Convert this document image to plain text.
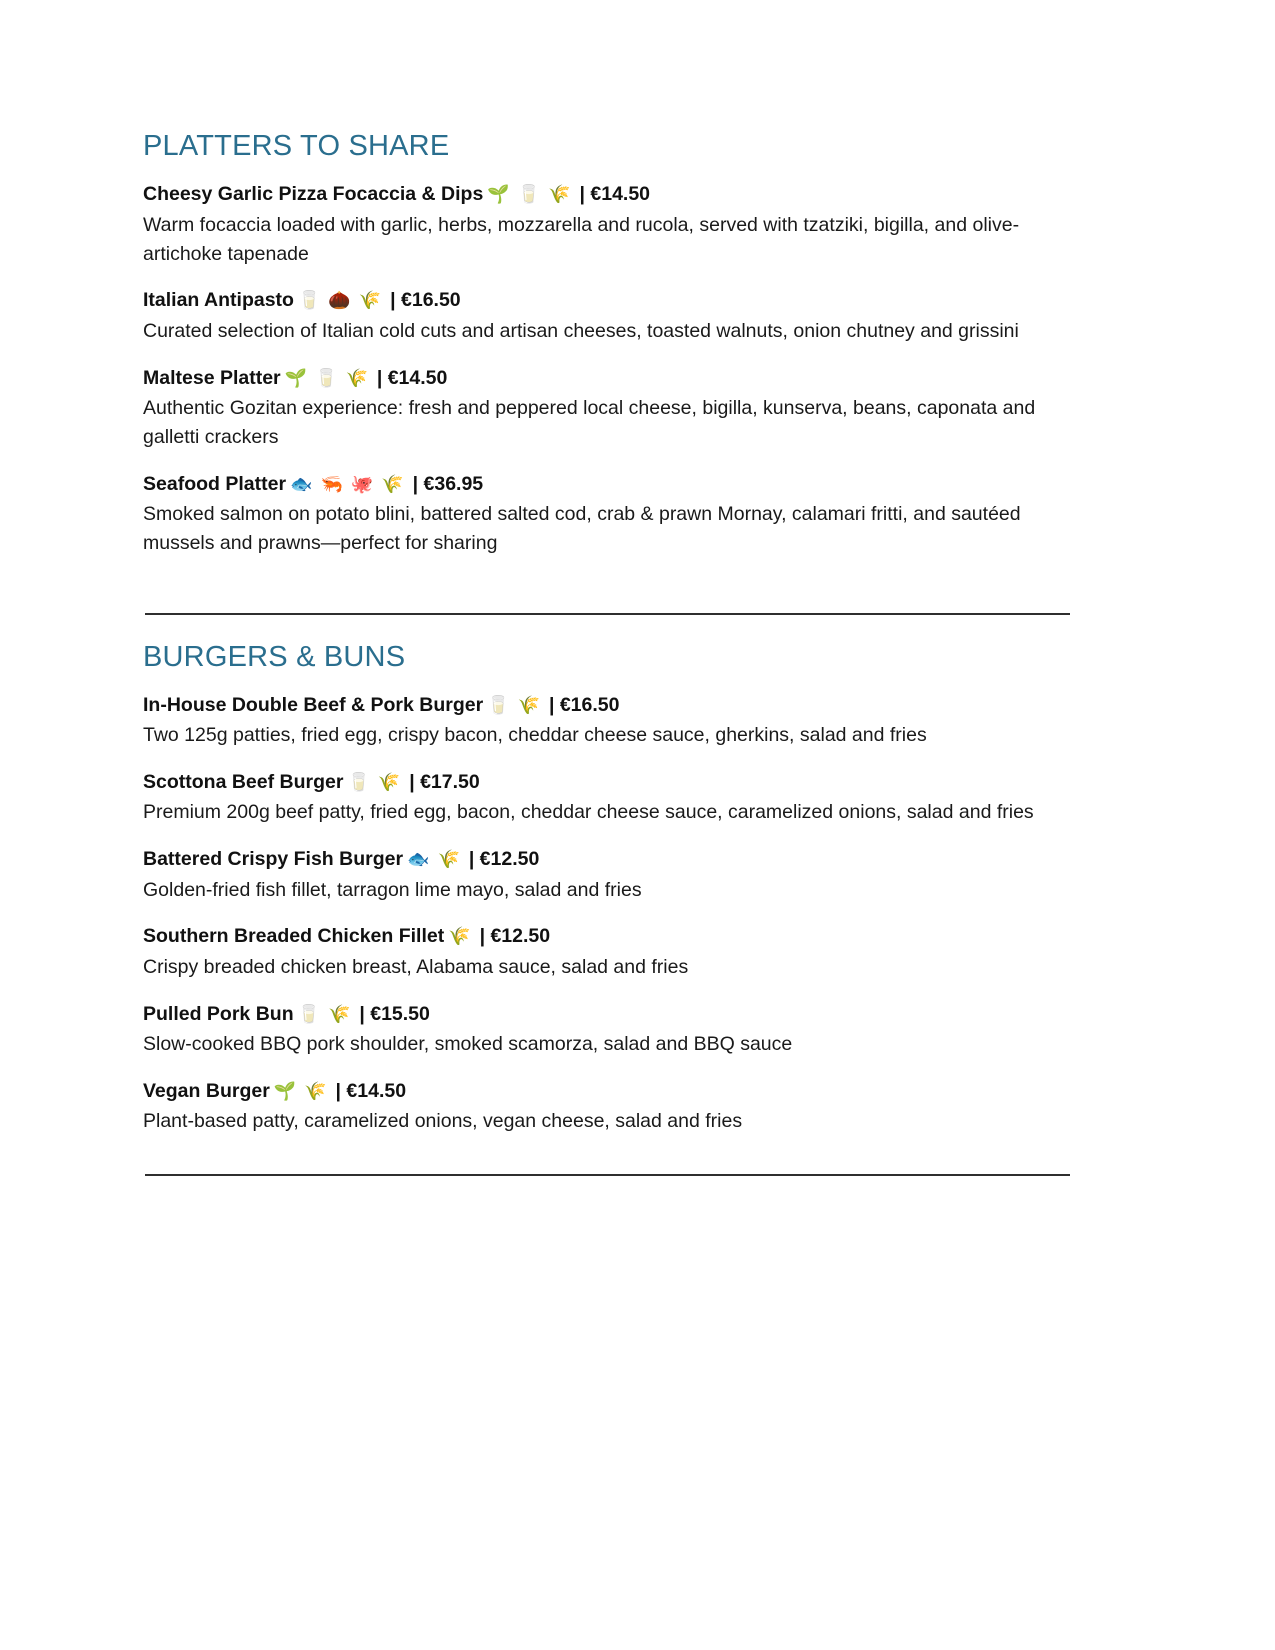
PLATTERS TO SHARE

Cheesy Garlic Pizza Focaccia & Dips 🌱 🥛 🌾 | €14.50

Warm focaccia loaded with garlic, herbs, mozzarella and rucola, served with tzatziki, bigilla, and olive-artichoke tapenade

Italian Antipasto 🥛 🌰 🌾 | €16.50

Curated selection of Italian cold cuts and artisan cheeses, toasted walnuts, onion chutney and grissini

Maltese Platter 🌱 🥛 🌾 | €14.50

Authentic Gozitan experience: fresh and peppered local cheese, bigilla, kunserva, beans, caponata and galletti crackers

Seafood Platter 🐟 🦐 🐙 🌾 | €36.95

Smoked salmon on potato blini, battered salted cod, crab & prawn Mornay, calamari fritti, and sautéed mussels and prawns—perfect for sharing

BURGERS & BUNS

In-House Double Beef & Pork Burger 🥛 🌾 | €16.50

Two 125g patties, fried egg, crispy bacon, cheddar cheese sauce, gherkins, salad and fries

Scottona Beef Burger 🥛 🌾 | €17.50

Premium 200g beef patty, fried egg, bacon, cheddar cheese sauce, caramelized onions, salad and fries

Battered Crispy Fish Burger 🐟 🌾 | €12.50

Golden-fried fish fillet, tarragon lime mayo, salad and fries

Southern Breaded Chicken Fillet 🌾 | €12.50

Crispy breaded chicken breast, Alabama sauce, salad and fries

Pulled Pork Bun 🥛 🌾 | €15.50

Slow-cooked BBQ pork shoulder, smoked scamorza, salad and BBQ sauce

Vegan Burger 🌱 🌾 | €14.50

Plant-based patty, caramelized onions, vegan cheese, salad and fries
